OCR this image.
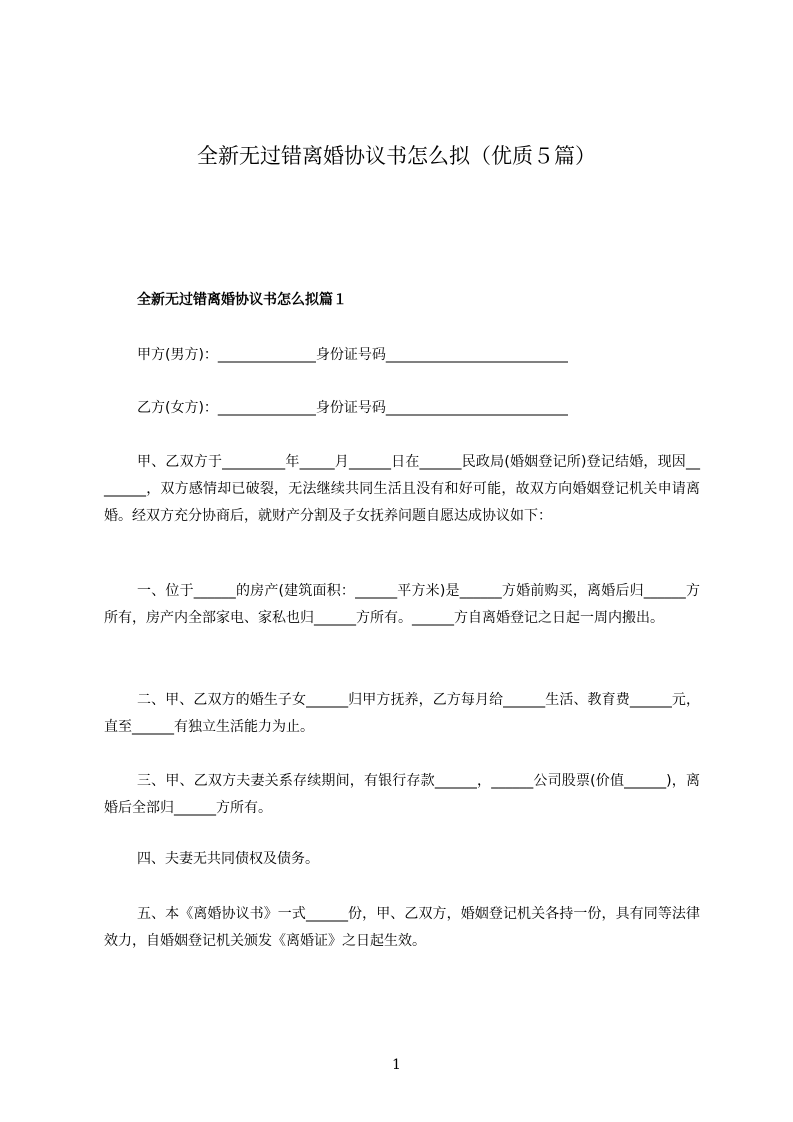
全新无过错离婚协议书怎么拟（优质５篇）
全新无过错离婚协议书怎么拟篇１

甲方(男方)：______________身份证号码__________________________

乙方(女方)：______________身份证号码__________________________

甲、乙双方于_________年_____月______日在______民政局(婚姻登记所)登记结婚，现因________，双方感情却已破裂，无法继续共同生活且没有和好可能，故双方向婚姻登记机关申请离婚。经双方充分协商后，就财产分割及子女抚养问题自愿达成协议如下：

一、位于______的房产(建筑面积：______平方米)是______方婚前购买，离婚后归______方所有，房产内全部家电、家私也归______方所有。______方自离婚登记之日起一周内搬出。

二、甲、乙双方的婚生子女______归甲方抚养，乙方每月给______生活、教育费______元，直至______有独立生活能力为止。

三、甲、乙双方夫妻关系存续期间，有银行存款______，______公司股票(价值______)，离婚后全部归______方所有。

四、夫妻无共同债权及债务。

五、本《离婚协议书》一式______份，甲、乙双方，婚姻登记机关各持一份，具有同等法律效力，自婚姻登记机关颁发《离婚证》之日起生效。

1
